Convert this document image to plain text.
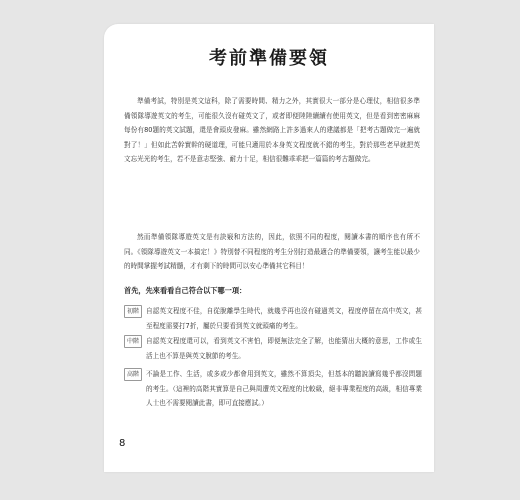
考前準備要領
準備考試，特別是英文這科，除了需要時間、精力之外，其實很大一部分是心理仗，相信很多準備領隊導遊英文的考生，可能很久沒有碰英文了，或者即便陸陸續續有使用英文，但是看到密密麻麻每份有80題的英文試題，還是會頭皮發麻。雖然網路上許多過來人的建議都是「把考古題做完一遍就對了！」但如此苦幹實幹的硬道理，可能只適用於本身英文程度就不錯的考生，對於那些老早就把英文忘光光的考生，若不是意志堅強、耐力十足，相信很難乖乖把一篇篇的考古題做完。
然而準備領隊導遊英文是有訣竅和方法的，因此，依照不同的程度，閱讀本書的順序也有所不同。《領隊導遊英文一本搞定！》特別替不同程度的考生分別打造最適合的準備要領，讓考生能以最少的時間掌握考試精髓，才有剩下的時間可以安心準備其它科目！
首先，先來看看自己符合以下哪一項：
初階	自認英文程度不佳，自從脫離學生時代，就幾乎再也沒有碰過英文，程度停留在高中英文，甚至程度需要打7折，屬於只要看到英文就頭痛的考生。
中階	自認英文程度還可以，看到英文不害怕，即便無法完全了解，也能猜出大概的意思，工作或生活上也不算是與英文脫節的考生。
高階	不論是工作、生活，或多或少都會用到英文，雖然不算頂尖，但基本的聽說讀寫幾乎都沒問題的考生。（這裡的高階其實算是自己與周遭英文程度的比較級，絕非專業程度的高級，相信專業人士也不需要閱讀此書，即可直接應試。）
8
